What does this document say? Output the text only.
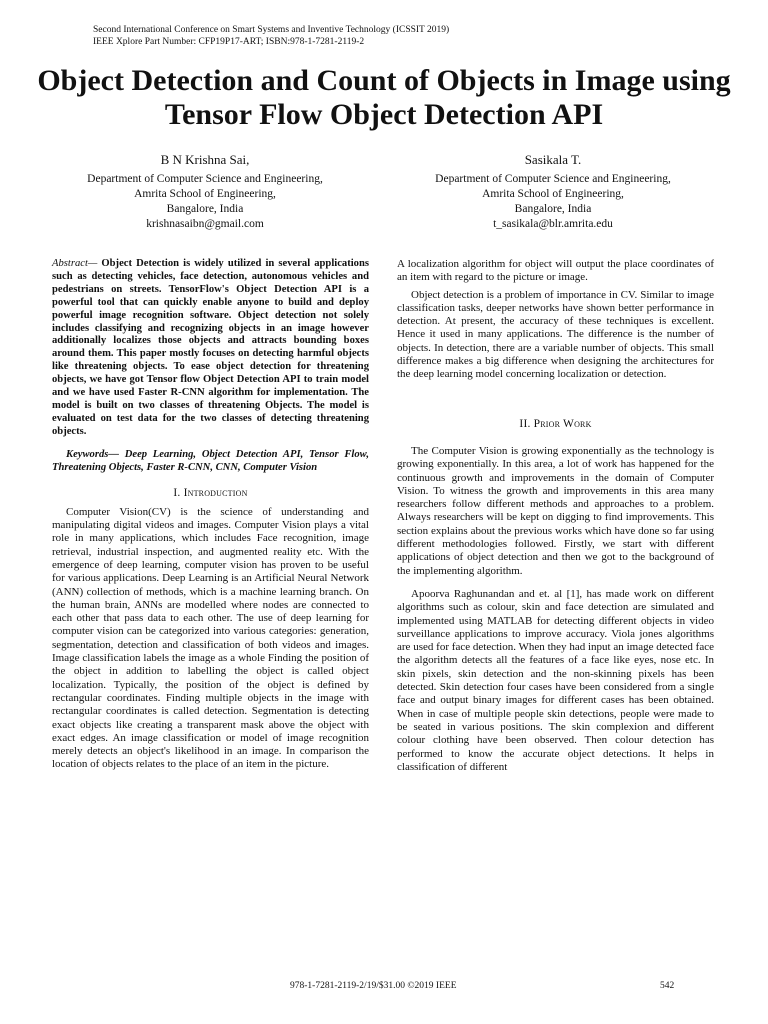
Second International Conference on Smart Systems and Inventive Technology (ICSSIT 2019)
IEEE Xplore Part Number: CFP19P17-ART; ISBN:978-1-7281-2119-2
Object Detection and Count of Objects in Image using Tensor Flow Object Detection API
B N Krishna Sai,
Department of Computer Science and Engineering,
Amrita School of Engineering,
Bangalore, India
krishnasaibn@gmail.com
Sasikala T.
Department of Computer Science and Engineering,
Amrita School of Engineering,
Bangalore, India
t_sasikala@blr.amrita.edu

Abstract— Object Detection is widely utilized in several applications such as detecting vehicles, face detection, autonomous vehicles and pedestrians on streets. TensorFlow's Object Detection API is a powerful tool that can quickly enable anyone to build and deploy powerful image recognition software. Object detection not solely includes classifying and recognizing objects in an image however additionally localizes those objects and attracts bounding boxes around them. This paper mostly focuses on detecting harmful objects like threatening objects. To ease object detection for threatening objects, we have got Tensor flow Object Detection API to train model and we have used Faster R-CNN algorithm for implementation. The model is built on two classes of threatening Objects. The model is evaluated on test data for the two classes of detecting threatening objects.

Keywords— Deep Learning, Object Detection API, Tensor Flow, Threatening Objects, Faster R-CNN, CNN, Computer Vision

I. Introduction

Computer Vision(CV) is the science of understanding and manipulating digital videos and images. Computer Vision plays a vital role in many applications, which includes Face recognition, image retrieval, industrial inspection, and augmented reality etc. With the emergence of deep learning, computer vision has proven to be useful for various applications. Deep Learning is an Artificial Neural Network (ANN) collection of methods, which is a machine learning branch. On the human brain, ANNs are modelled where nodes are connected to each other that pass data to each other. The use of deep learning for computer vision can be categorized into various categories: generation, segmentation, detection and classification of both videos and images. Image classification labels the image as a whole Finding the position of the object in addition to labelling the object is called object localization. Typically, the position of the object is defined by rectangular coordinates. Finding multiple objects in the image with rectangular coordinates is called detection. Segmentation is detecting exact objects like creating a transparent mask above the object with exact edges. An image classification or model of image recognition merely detects an object's likelihood in an image. In comparison the location of objects relates to the place of an item in the picture.

A localization algorithm for object will output the place coordinates of an item with regard to the picture or image.

Object detection is a problem of importance in CV. Similar to image classification tasks, deeper networks have shown better performance in detection. At present, the accuracy of these techniques is excellent. Hence it used in many applications. The difference is the number of objects. In detection, there are a variable number of objects. This small difference makes a big difference when designing the architectures for the deep learning model concerning localization or detection.

II. Prior Work

The Computer Vision is growing exponentially as the technology is growing exponentially. In this area, a lot of work has happened for the continuous growth and improvements in the domain of Computer Vision. To witness the growth and improvements in this area many researchers follow different methods and approaches to a problem. Always researchers will be kept on digging to find improvements. This section explains about the previous works which have done so far using different methodologies followed. Firstly, we start with different applications of object detection and then we got to the background of the implementing algorithm.

Apoorva Raghunandan and et. al [1], has made work on different algorithms such as colour, skin and face detection are simulated and implemented using MATLAB for detecting different objects in video surveillance applications to improve accuracy. Viola jones algorithms are used for face detection. When they had input an image detected face the algorithm detects all the features of a face like eyes, nose etc. In skin pixels, skin detection and the non-skinning pixels has been detected. Skin detection four cases have been considered from a single face and output binary images for different cases has been obtained. When in case of multiple people skin detections, people were made to be seated in various positions. The skin complexion and different colour clothing have been observed. Then colour detection has performed to know the accurate object detections. It helps in classification of different

978-1-7281-2119-2/19/$31.00 ©2019 IEEE	542
